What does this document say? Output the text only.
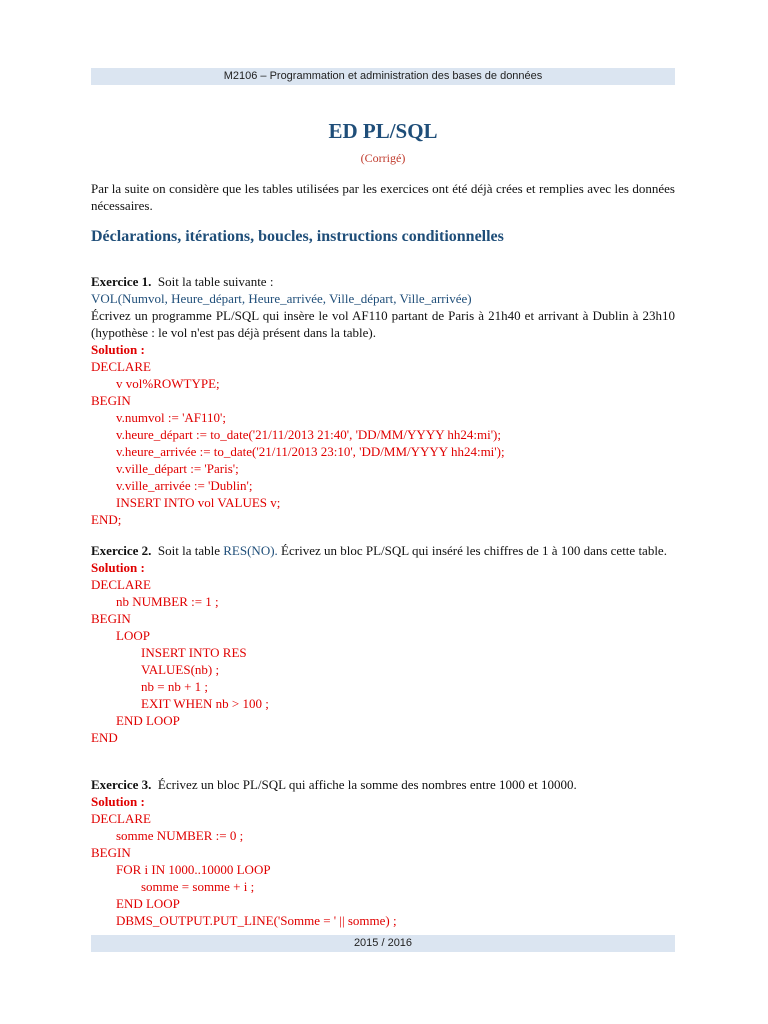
M2106 – Programmation et administration des bases de données
ED PL/SQL
(Corrigé)

Par la suite on considère que les tables utilisées par les exercices ont été déjà crées et remplies avec les données nécessaires.

Déclarations, itérations, boucles, instructions conditionnelles

Exercice 1. Soit la table suivante :

VOL(Numvol, Heure_départ, Heure_arrivée, Ville_départ, Ville_arrivée)

Écrivez un programme PL/SQL qui insère le vol AF110 partant de Paris à 21h40 et arrivant à Dublin à 23h10 (hypothèse : le vol n'est pas déjà présent dans la table).

Solution :
DECLARE
v vol%ROWTYPE;
BEGIN
v.numvol := 'AF110';
v.heure_départ := to_date('21/11/2013 21:40', 'DD/MM/YYYY hh24:mi');
v.heure_arrivée := to_date('21/11/2013 23:10', 'DD/MM/YYYY hh24:mi');
v.ville_départ := 'Paris';
v.ville_arrivée := 'Dublin';
INSERT INTO vol VALUES v;
END;

Exercice 2. Soit la table RES(NO). Écrivez un bloc PL/SQL qui inséré les chiffres de 1 à 100 dans cette table.

Solution :
DECLARE
nb NUMBER := 1 ;
BEGIN
LOOP
INSERT INTO RES
VALUES(nb) ;
nb = nb + 1 ;
EXIT WHEN nb > 100 ;
END LOOP
END

Exercice 3. Écrivez un bloc PL/SQL qui affiche la somme des nombres entre 1000 et 10000.

Solution :
DECLARE
somme NUMBER := 0 ;
BEGIN
FOR i IN 1000..10000 LOOP
somme = somme + i ;
END LOOP
DBMS_OUTPUT.PUT_LINE('Somme = ' || somme) ;
2015 / 2016
